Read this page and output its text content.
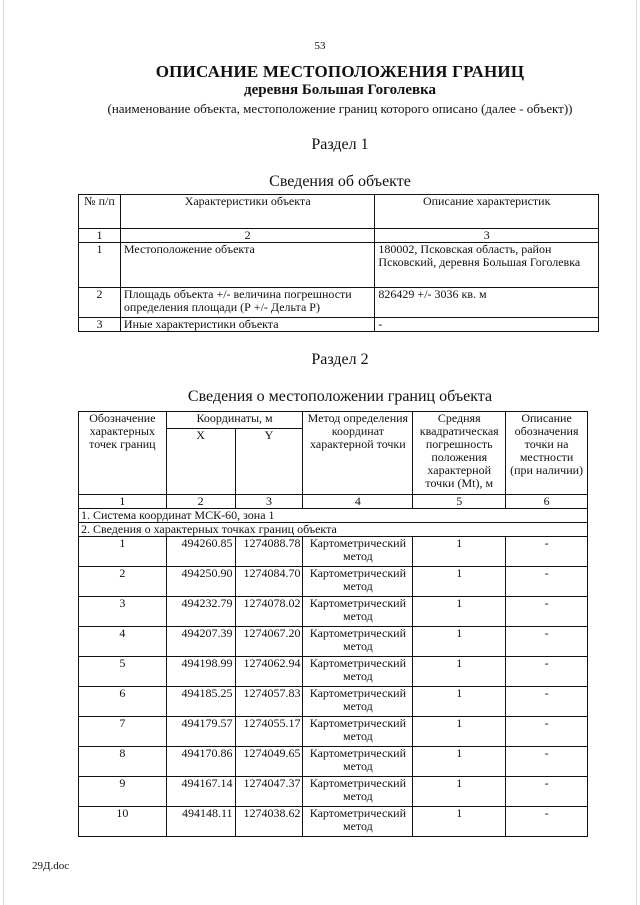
53
ОПИСАНИЕ МЕСТОПОЛОЖЕНИЯ ГРАНИЦ
деревня Большая Гоголевка
(наименование объекта, местоположение границ которого описано (далее - объект))
Раздел 1
Сведения об объекте
№ п/п	Характеристики объекта	Описание характеристик
1	2	3
1	Местоположение объекта	180002, Псковская область, район Псковский, деревня Большая Гоголевка
2	Площадь объекта +/- величина погрешности определения площади (Р +/- Дельта Р)	826429 +/- 3036 кв. м
3	Иные характеристики объекта	-
Раздел 2
Сведения о местоположении границ объекта
Обозначение характерных точек границ	Координаты, м		Метод определения координат характерной точки	Средняя квадратическая погрешность положения характерной точки (Mt), м	Описание обозначения точки на местности (при наличии)
	X	Y			
1	2	3	4	5	6
1. Система координат МСК-60, зона 1					
2. Сведения о характерных точках границ объекта					
1	494260.85	1274088.78	Картометрический метод	1	-
2	494250.90	1274084.70	Картометрический метод	1	-
3	494232.79	1274078.02	Картометрический метод	1	-
4	494207.39	1274067.20	Картометрический метод	1	-
5	494198.99	1274062.94	Картометрический метод	1	-
6	494185.25	1274057.83	Картометрический метод	1	-
7	494179.57	1274055.17	Картометрический метод	1	-
8	494170.86	1274049.65	Картометрический метод	1	-
9	494167.14	1274047.37	Картометрический метод	1	-
10	494148.11	1274038.62	Картометрический метод	1	-
29Д.doc
